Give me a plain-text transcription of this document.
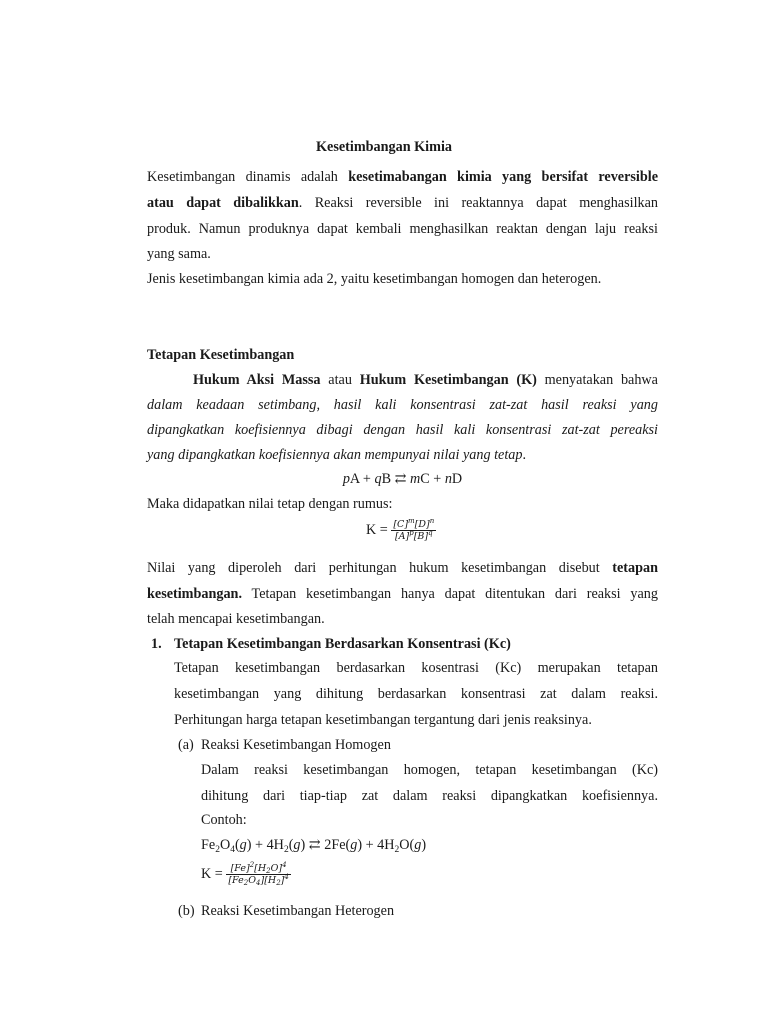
Kesetimbangan Kimia
Kesetimbangan dinamis adalah kesetimabangan kimia yang bersifat reversible
atau dapat dibalikkan. Reaksi reversible ini reaktannya dapat menghasilkan
produk. Namun produknya dapat kembali menghasilkan reaktan dengan laju reaksi
yang sama.
Jenis kesetimbangan kimia ada 2, yaitu kesetimbangan homogen dan heterogen.
Tetapan Kesetimbangan
Hukum Aksi Massa atau Hukum Kesetimbangan (K) menyatakan bahwa
dalam keadaan setimbang, hasil kali konsentrasi zat-zat hasil reaksi yang
dipangkatkan koefisiennya dibagi dengan hasil kali konsentrasi zat-zat pereaksi
yang dipangkatkan koefisiennya akan mempunyai nilai yang tetap.
pA + qB ⇄ mC + nD
Maka didapatkan nilai tetap dengan rumus:
$K = \frac{[C]^m[D]^n}{[A]^p[B]^q}$
Nilai yang diperoleh dari perhitungan hukum kesetimbangan disebut tetapan
kesetimbangan. Tetapan kesetimbangan hanya dapat ditentukan dari reaksi yang
telah mencapai kesetimbangan.
1. Tetapan Kesetimbangan Berdasarkan Konsentrasi (Kc)
Tetapan kesetimbangan berdasarkan kosentrasi (Kc) merupakan tetapan
kesetimbangan yang dihitung berdasarkan konsentrasi zat dalam reaksi.
Perhitungan harga tetapan kesetimbangan tergantung dari jenis reaksinya.
(a) Reaksi Kesetimbangan Homogen
Dalam reaksi kesetimbangan homogen, tetapan kesetimbangan (Kc)
dihitung dari tiap-tiap zat dalam reaksi dipangkatkan koefisiennya.
Contoh:
$Fe_2O_4(g) + 4H_2(g)$ ⇄ $2Fe(g) + 4H_2O(g)$
$K = \frac{[Fe]^2[H_2O]^4}{[Fe_2O_4][H_2]^4}$
(b) Reaksi Kesetimbangan Heterogen
